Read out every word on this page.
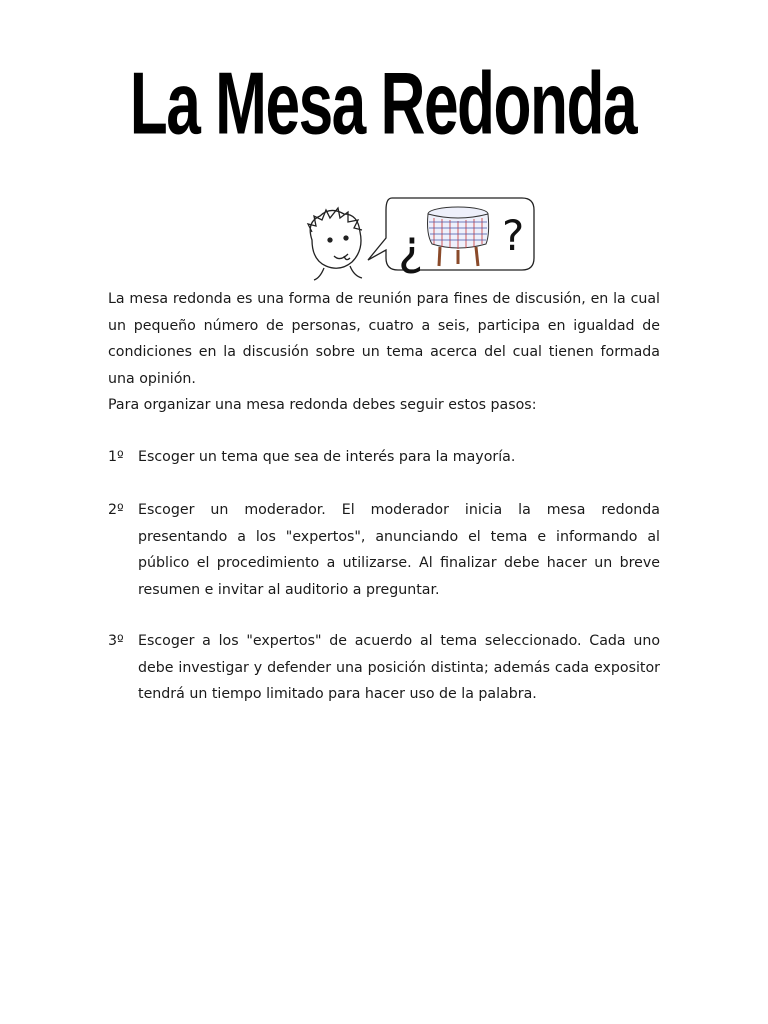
La Mesa Redonda
¿ ?

La mesa redonda es una forma de reunión para fines de discusión, en la cual un pequeño número de personas, cuatro a seis, participa en igualdad de condiciones en la discusión sobre un tema acerca del cual tienen formada una opinión.

Para organizar una mesa redonda debes seguir estos pasos:

1º	Escoger un tema que sea de interés para la mayoría.
2º	Escoger un moderador. El moderador inicia la mesa redonda presentando a los "expertos", anunciando el tema e informando al público el procedimiento a utilizarse. Al finalizar debe hacer un breve resumen e invitar al auditorio a preguntar.
3º	Escoger a los "expertos" de acuerdo al tema seleccionado. Cada uno debe investigar y defender una posición distinta; además cada expositor tendrá un tiempo limitado para hacer uso de la palabra.
